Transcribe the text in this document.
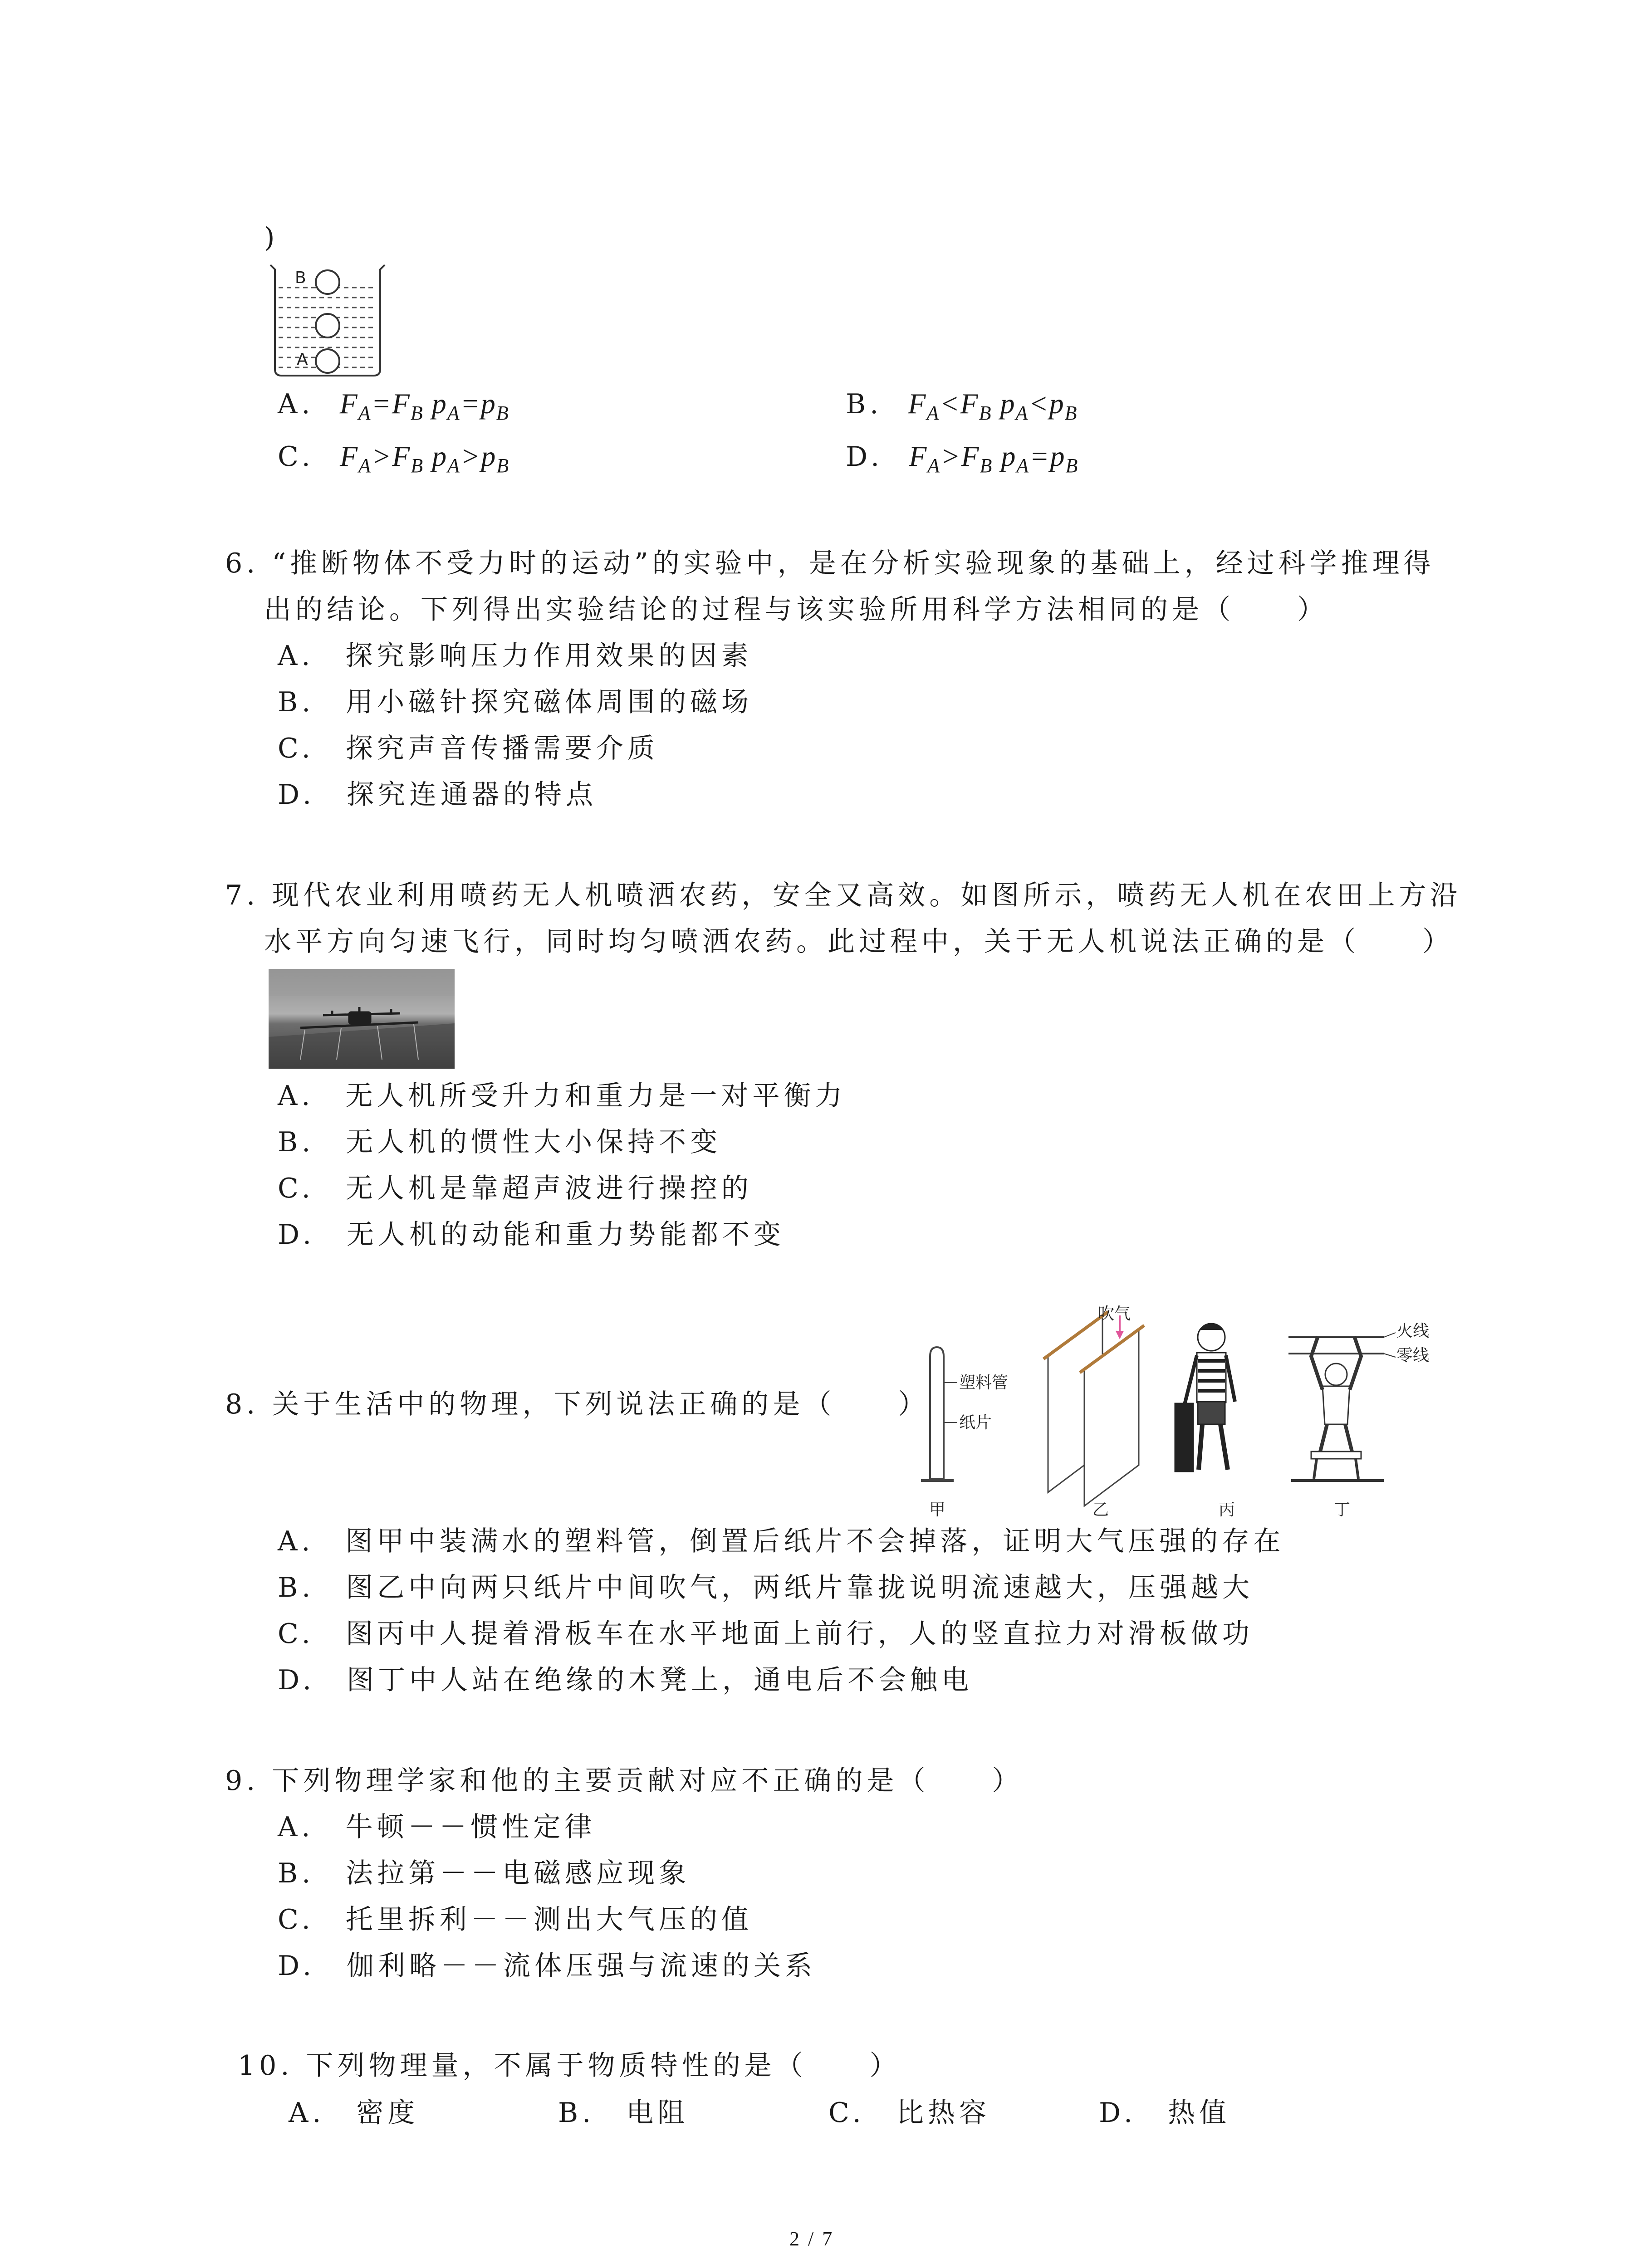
)
B
A
A. $F_A=F_B$ $p_A=p_B$	B. $F_A<F_B$ $p_A<p_B$
C. $F_A>F_B$ $p_A>p_B$	D. $F_A>F_B$ $p_A=p_B$
6. “推断物体不受力时的运动”的实验中，是在分析实验现象的基础上，经过科学推理得
出的结论。下列得出实验结论的过程与该实验所用科学方法相同的是（　　）
A.　探究影响压力作用效果的因素
B.　用小磁针探究磁体周围的磁场
C.　探究声音传播需要介质
D.　探究连通器的特点
7. 现代农业利用喷药无人机喷洒农药，安全又高效。如图所示，喷药无人机在农田上方沿
水平方向匀速飞行，同时均匀喷洒农药。此过程中，关于无人机说法正确的是（　　）
A.　无人机所受升力和重力是一对平衡力
B.　无人机的惯性大小保持不变
C.　无人机是靠超声波进行操控的
D.　无人机的动能和重力势能都不变
8. 关于生活中的物理，下列说法正确的是（　　）
塑料管
纸片
吹气
火线
零线
甲	乙	丙	丁
A.　图甲中装满水的塑料管，倒置后纸片不会掉落，证明大气压强的存在
B.　图乙中向两只纸片中间吹气，两纸片靠拢说明流速越大，压强越大
C.　图丙中人提着滑板车在水平地面上前行，人的竖直拉力对滑板做功
D.　图丁中人站在绝缘的木凳上，通电后不会触电
9. 下列物理学家和他的主要贡献对应不正确的是（　　）
A.　牛顿－－惯性定律
B.　法拉第－－电磁感应现象
C.　托里拆利－－测出大气压的值
D.　伽利略－－流体压强与流速的关系
10. 下列物理量，不属于物质特性的是（　　）
A.　密度	B.　电阻	C.　比热容	D.　热值
2 / 7
